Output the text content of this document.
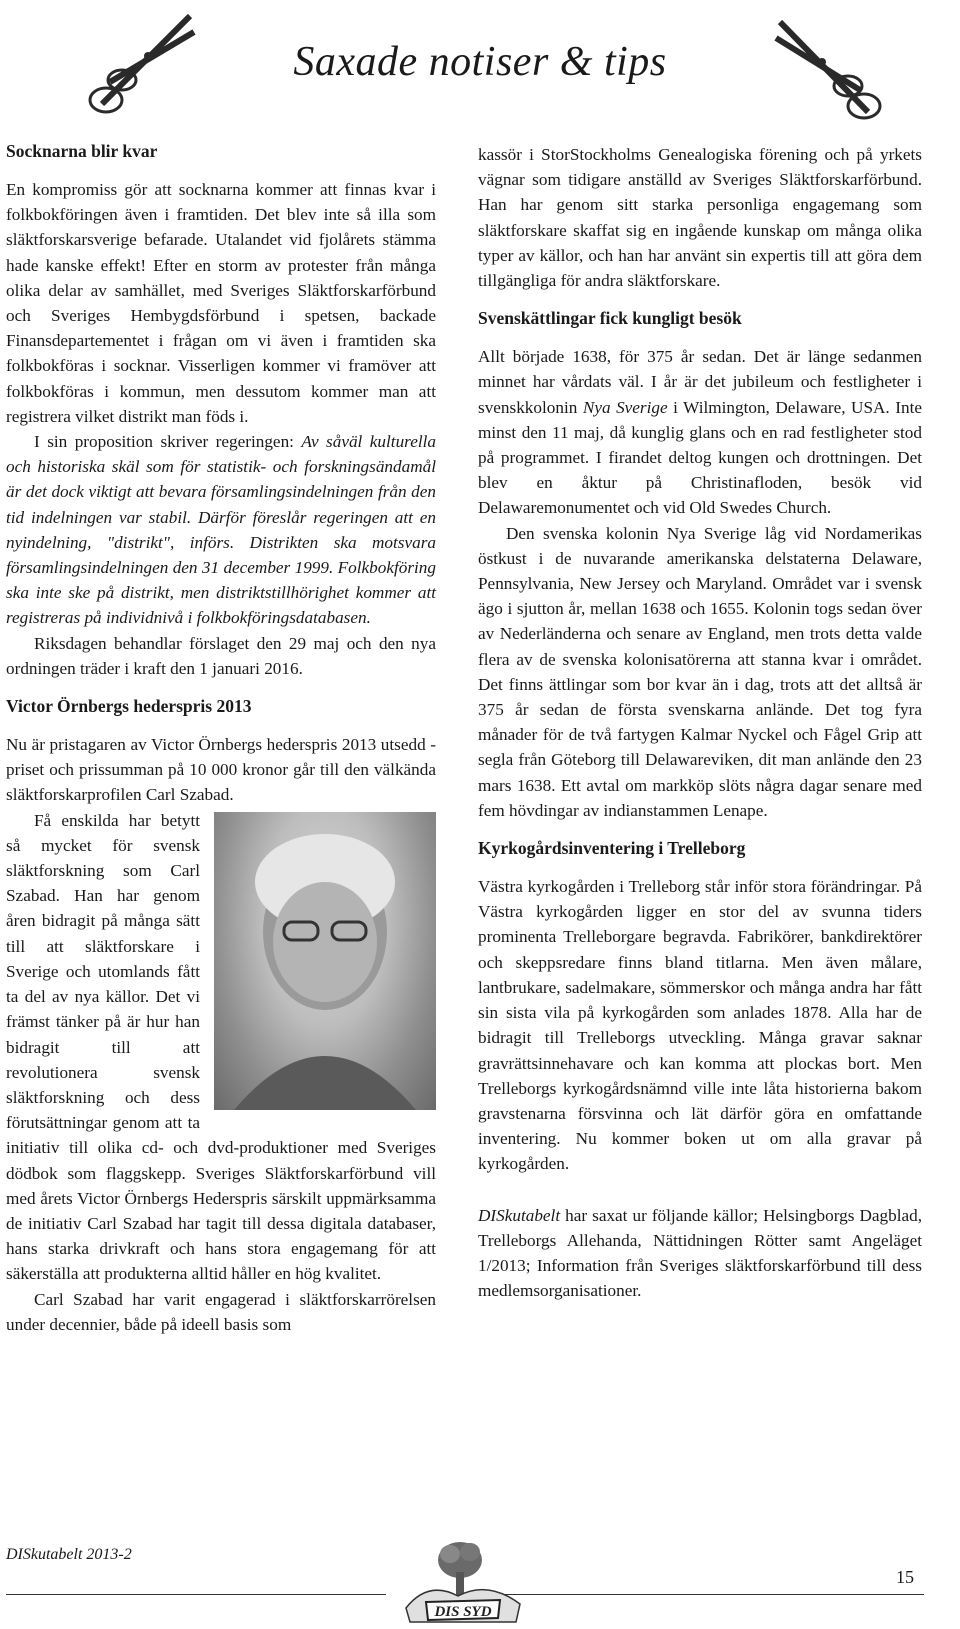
Saxade notiser & tips
Socknarna blir kvar

En kompromiss gör att socknarna kommer att finnas kvar i folkbokföringen även i framtiden. Det blev inte så illa som släktforskarsverige befarade. Utalandet vid fjolårets stämma hade kanske effekt! Efter en storm av protester från många olika delar av samhället, med Sveriges Släktforskarförbund och Sveriges Hembygdsförbund i spetsen, backade Finansdepartementet i frågan om vi även i framtiden ska folkbokföras i socknar. Visserligen kommer vi framöver att folkbokföras i kommun, men dessutom kommer man att registrera vilket distrikt man föds i.

I sin proposition skriver regeringen: Av såväl kulturella och historiska skäl som för statistik- och forskningsändamål är det dock viktigt att bevara församlingsindelningen från den tid indelningen var stabil. Därför föreslår regeringen att en nyindelning, "distrikt", införs. Distrikten ska motsvara församlingsindelningen den 31 december 1999. Folkbokföring ska inte ske på distrikt, men distriktstillhörighet kommer att registreras på individnivå i folkbokföringsdatabasen.

Riksdagen behandlar förslaget den 29 maj och den nya ordningen träder i kraft den 1 januari 2016.

Victor Örnbergs hederspris 2013

Nu är pristagaren av Victor Örnbergs hederspris 2013 utsedd - priset och prissumman på 10 000 kronor går till den välkända släktforskarprofilen Carl Szabad.

Få enskilda har betytt så mycket för svensk släktforskning som Carl Szabad. Han har genom åren bidragit på många sätt till att släktforskare i Sverige och utomlands fått ta del av nya källor. Det vi främst tänker på är hur han bidragit till att revolutionera svensk släktforskning och dess förutsättningar genom att ta initiativ till olika cd- och dvd-produktioner med Sveriges dödbok som flaggskepp. Sveriges Släktforskarförbund vill med årets Victor Örnbergs Hederspris särskilt uppmärksamma de initiativ Carl Szabad har tagit till dessa digitala databaser, hans starka drivkraft och hans stora engagemang för att säkerställa att produkterna alltid håller en hög kvalitet.

Carl Szabad har varit engagerad i släktforskarrörelsen under decennier, både på ideell basis som

kassör i StorStockholms Genealogiska förening och på yrkets vägnar som tidigare anställd av Sveriges Släktforskarförbund. Han har genom sitt starka personliga engagemang som släktforskare skaffat sig en ingående kunskap om många olika typer av källor, och han har använt sin expertis till att göra dem tillgängliga för andra släktforskare.

Svenskättlingar fick kungligt besök

Allt började 1638, för 375 år sedan. Det är länge sedanmen minnet har vårdats väl. I år är det jubileum och festligheter i svenskkolonin Nya Sverige i Wilmington, Delaware, USA. Inte minst den 11 maj, då kunglig glans och en rad festligheter stod på programmet. I firandet deltog kungen och drottningen. Det blev en åktur på Christinafloden, besök vid Delawaremonumentet och vid Old Swedes Church.

Den svenska kolonin Nya Sverige låg vid Nordamerikas östkust i de nuvarande amerikanska delstaterna Delaware, Pennsylvania, New Jersey och Maryland. Området var i svensk ägo i sjutton år, mellan 1638 och 1655. Kolonin togs sedan över av Nederländerna och senare av England, men trots detta valde flera av de svenska kolonisatörerna att stanna kvar i området. Det finns ättlingar som bor kvar än i dag, trots att det alltså är 375 år sedan de första svenskarna anlände. Det tog fyra månader för de två fartygen Kalmar Nyckel och Fågel Grip att segla från Göteborg till Delawareviken, dit man anlände den 23 mars 1638. Ett avtal om markköp slöts några dagar senare med fem hövdingar av indianstammen Lenape.

Kyrkogårdsinventering i Trelleborg

Västra kyrkogården i Trelleborg står inför stora förändringar. På Västra kyrkogården ligger en stor del av svunna tiders prominenta Trelleborgare begravda. Fabrikörer, bankdirektörer och skeppsredare finns bland titlarna. Men även målare, lantbrukare, sadelmakare, sömmerskor och många andra har fått sin sista vila på kyrkogården som anlades 1878. Alla har de bidragit till Trelleborgs utveckling. Många gravar saknar gravrättsinnehavare och kan komma att plockas bort. Men Trelleborgs kyrkogårdsnämnd ville inte låta historierna bakom gravstenarna försvinna och lät därför göra en omfattande inventering. Nu kommer boken ut om alla gravar på kyrkogården.

DISkutabelt har saxat ur följande källor; Helsingborgs Dagblad, Trelleborgs Allehanda, Nättidningen Rötter samt Angeläget 1/2013; Information från Sveriges släktforskarförbund till dess medlemsorganisationer.

DISkutabelt 2013-2
DIS SYD
15
